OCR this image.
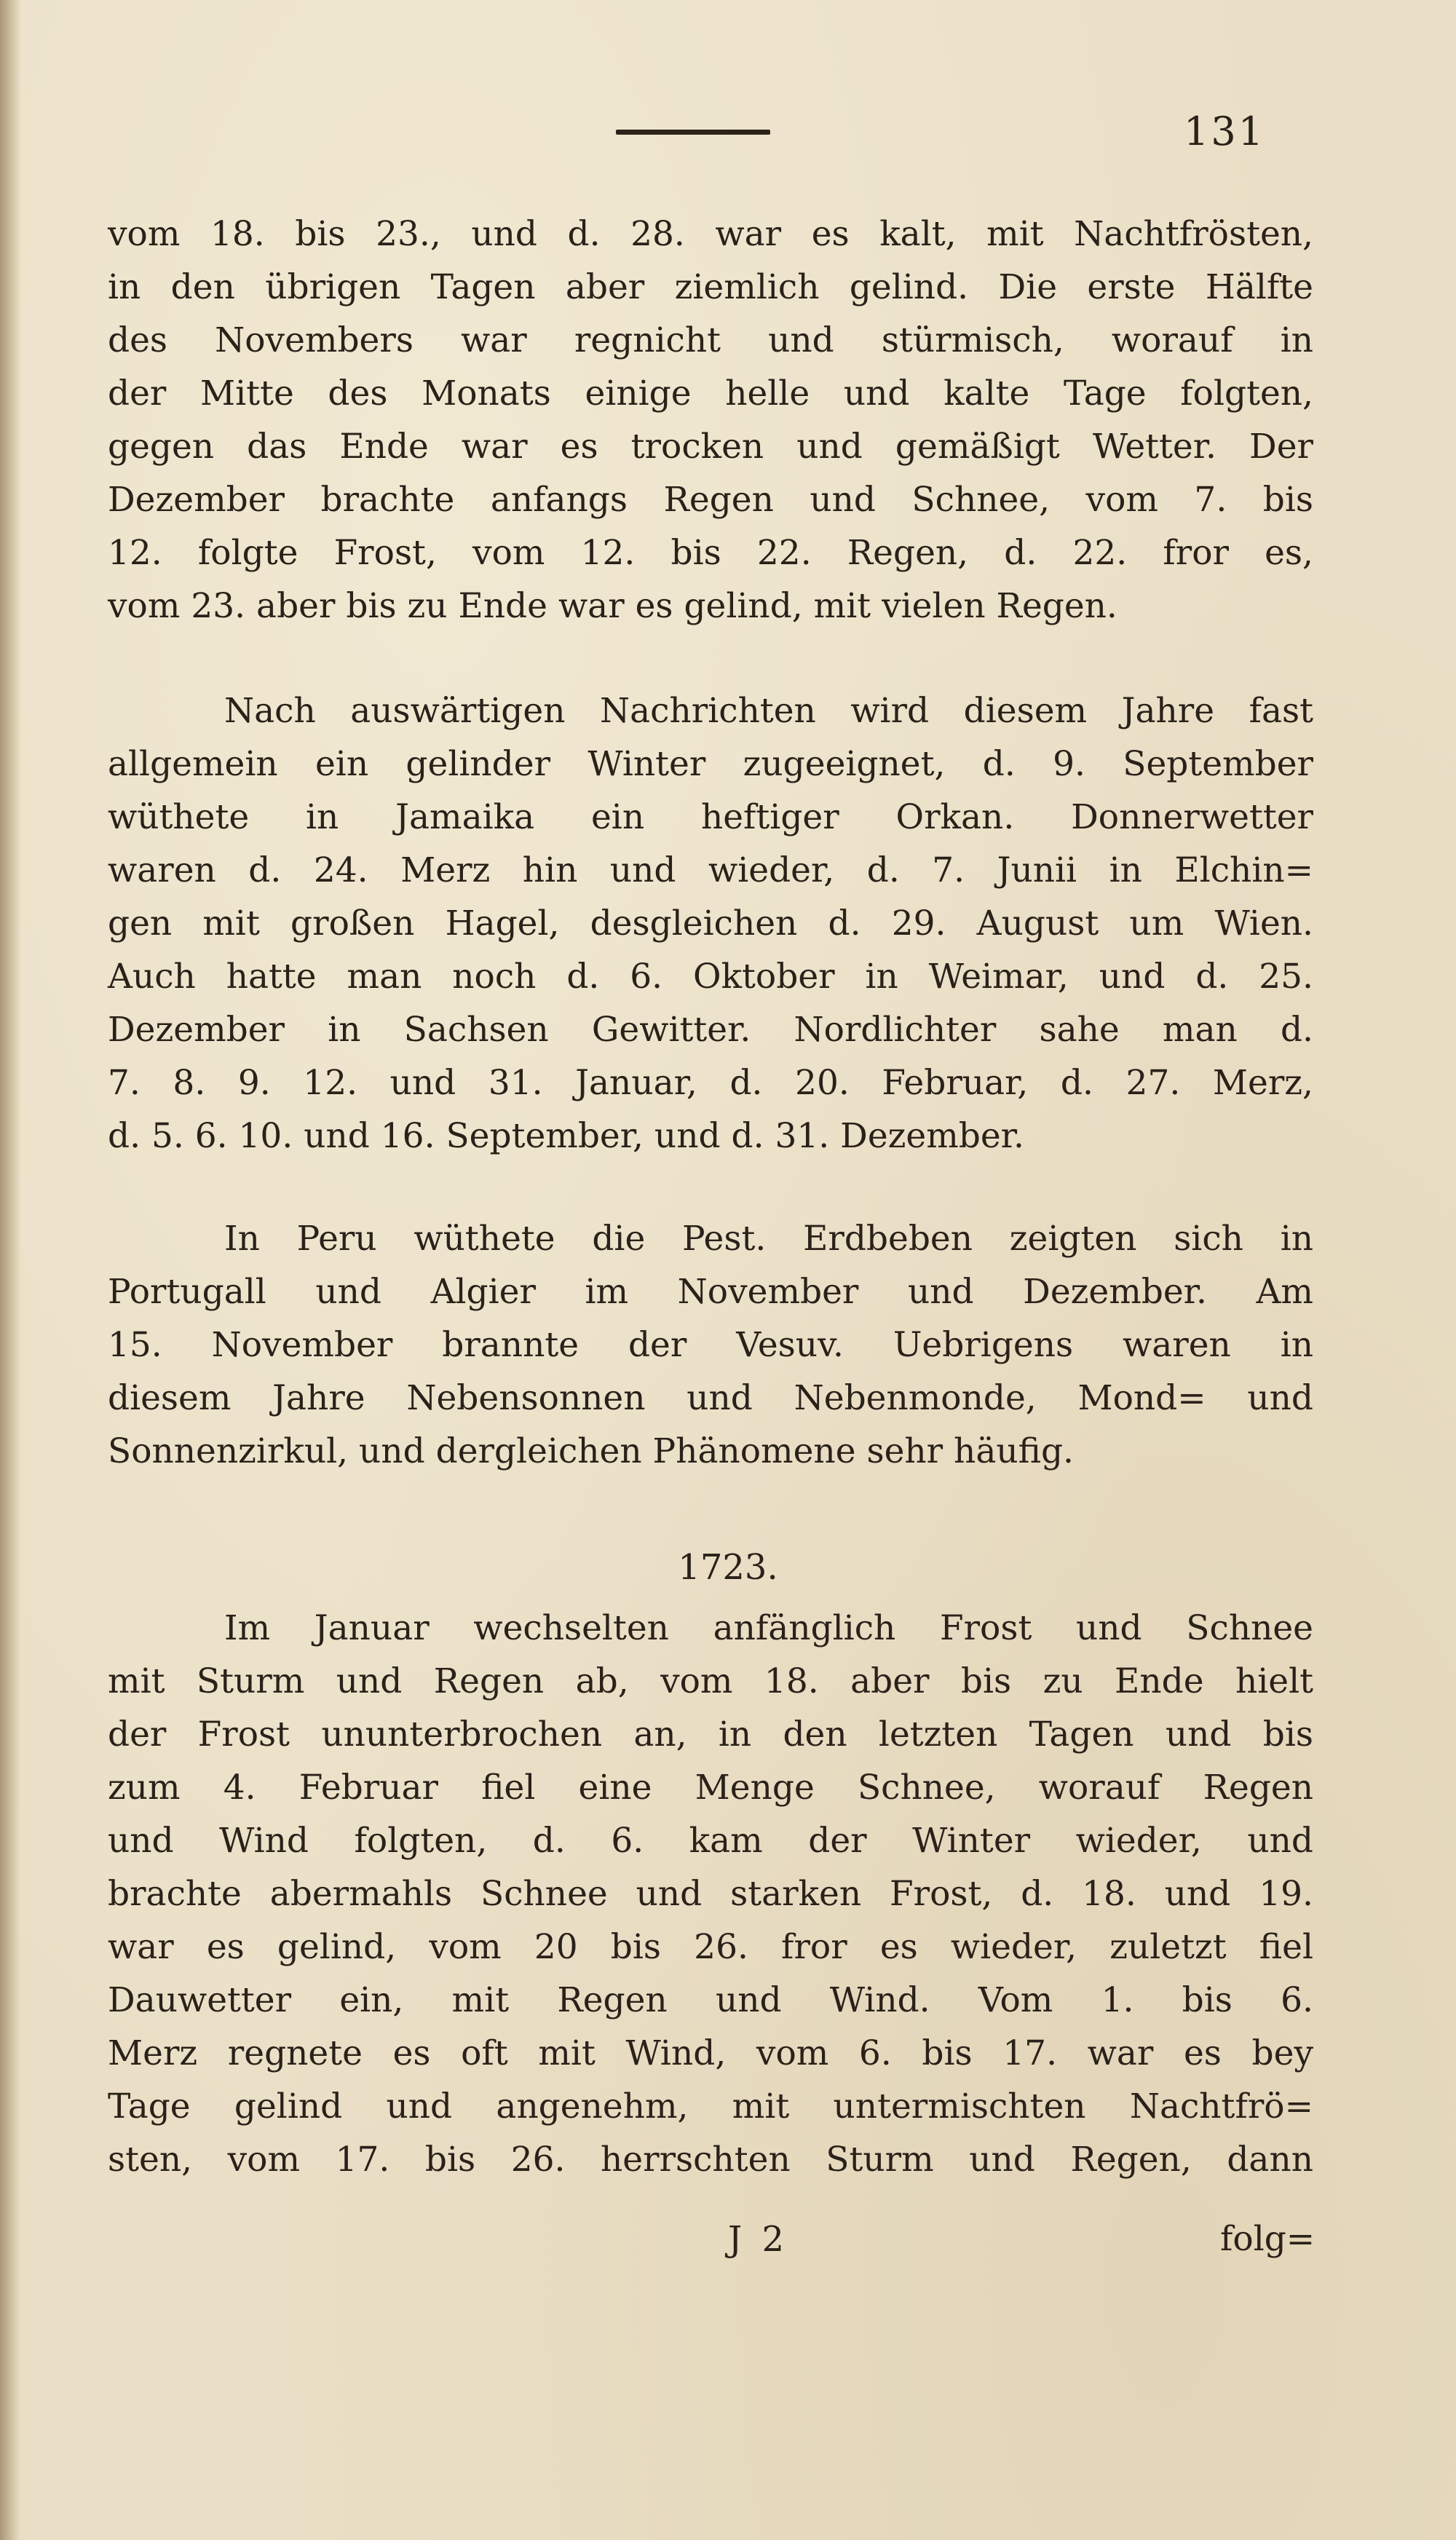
131
vom 18. bis 23., und d. 28. war es kalt, mit Nachtfrösten,
in den übrigen Tagen aber ziemlich gelind. Die erste Hälfte
des Novembers war regnicht und stürmisch, worauf in
der Mitte des Monats einige helle und kalte Tage folgten,
gegen das Ende war es trocken und gemäßigt Wetter. Der
Dezember brachte anfangs Regen und Schnee, vom 7. bis
12. folgte Frost, vom 12. bis 22. Regen, d. 22. fror es,
vom 23. aber bis zu Ende war es gelind, mit vielen Regen.
Nach auswärtigen Nachrichten wird diesem Jahre fast
allgemein ein gelinder Winter zugeeignet, d. 9. September
wüthete in Jamaika ein heftiger Orkan. Donnerwetter
waren d. 24. Merz hin und wieder, d. 7. Junii in Elchin=
gen mit großen Hagel, desgleichen d. 29. August um Wien.
Auch hatte man noch d. 6. Oktober in Weimar, und d. 25.
Dezember in Sachsen Gewitter. Nordlichter sahe man d.
7. 8. 9. 12. und 31. Januar, d. 20. Februar, d. 27. Merz,
d. 5. 6. 10. und 16. September, und d. 31. Dezember.
In Peru wüthete die Pest. Erdbeben zeigten sich in
Portugall und Algier im November und Dezember. Am
15. November brannte der Vesuv. Uebrigens waren in
diesem Jahre Nebensonnen und Nebenmonde, Mond= und
Sonnenzirkul, und dergleichen Phänomene sehr häufig.
1723.
Im Januar wechselten anfänglich Frost und Schnee
mit Sturm und Regen ab, vom 18. aber bis zu Ende hielt
der Frost ununterbrochen an, in den letzten Tagen und bis
zum 4. Februar fiel eine Menge Schnee, worauf Regen
und Wind folgten, d. 6. kam der Winter wieder, und
brachte abermahls Schnee und starken Frost, d. 18. und 19.
war es gelind, vom 20 bis 26. fror es wieder, zuletzt fiel
Dauwetter ein, mit Regen und Wind. Vom 1. bis 6.
Merz regnete es oft mit Wind, vom 6. bis 17. war es bey
Tage gelind und angenehm, mit untermischten Nachtfrö=
sten, vom 17. bis 26. herrschten Sturm und Regen, dann
J 2	folg=
